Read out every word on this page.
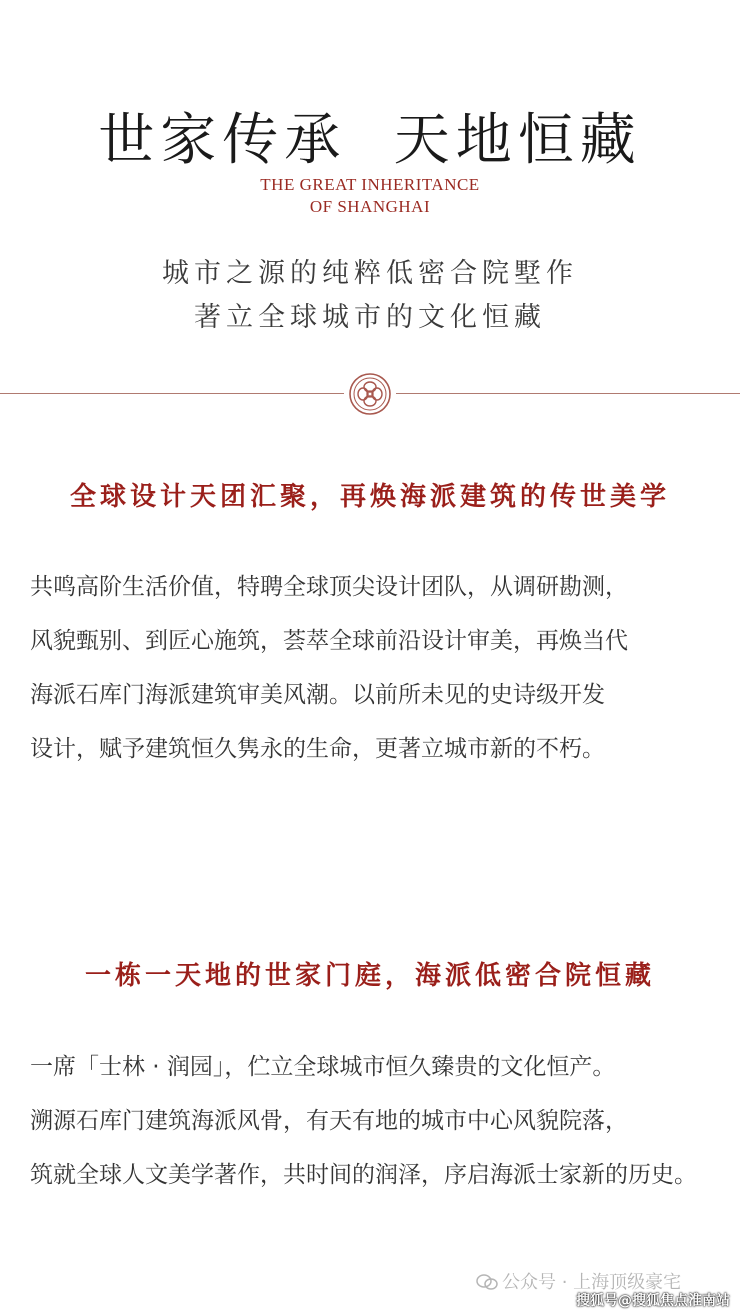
世家传承  天地恒藏
THE GREAT INHERITANCE
OF SHANGHAI
城市之源的纯粹低密合院墅作
著立全球城市的文化恒藏
全球设计天团汇聚，再焕海派建筑的传世美学
共鸣高阶生活价值，特聘全球顶尖设计团队，从调研勘测，
风貌甄别、到匠心施筑，荟萃全球前沿设计审美，再焕当代
海派石库门海派建筑审美风潮。以前所未见的史诗级开发
设计，赋予建筑恒久隽永的生命，更著立城市新的不朽。
一栋一天地的世家门庭，海派低密合院恒藏
一席「士林 · 润园」，伫立全球城市恒久臻贵的文化恒产。
溯源石库门建筑海派风骨，有天有地的城市中心风貌院落，
筑就全球人文美学著作，共时间的润泽，序启海派士家新的历史。
公众号 · 上海顶级豪宅
搜狐号@搜狐焦点淮南站
